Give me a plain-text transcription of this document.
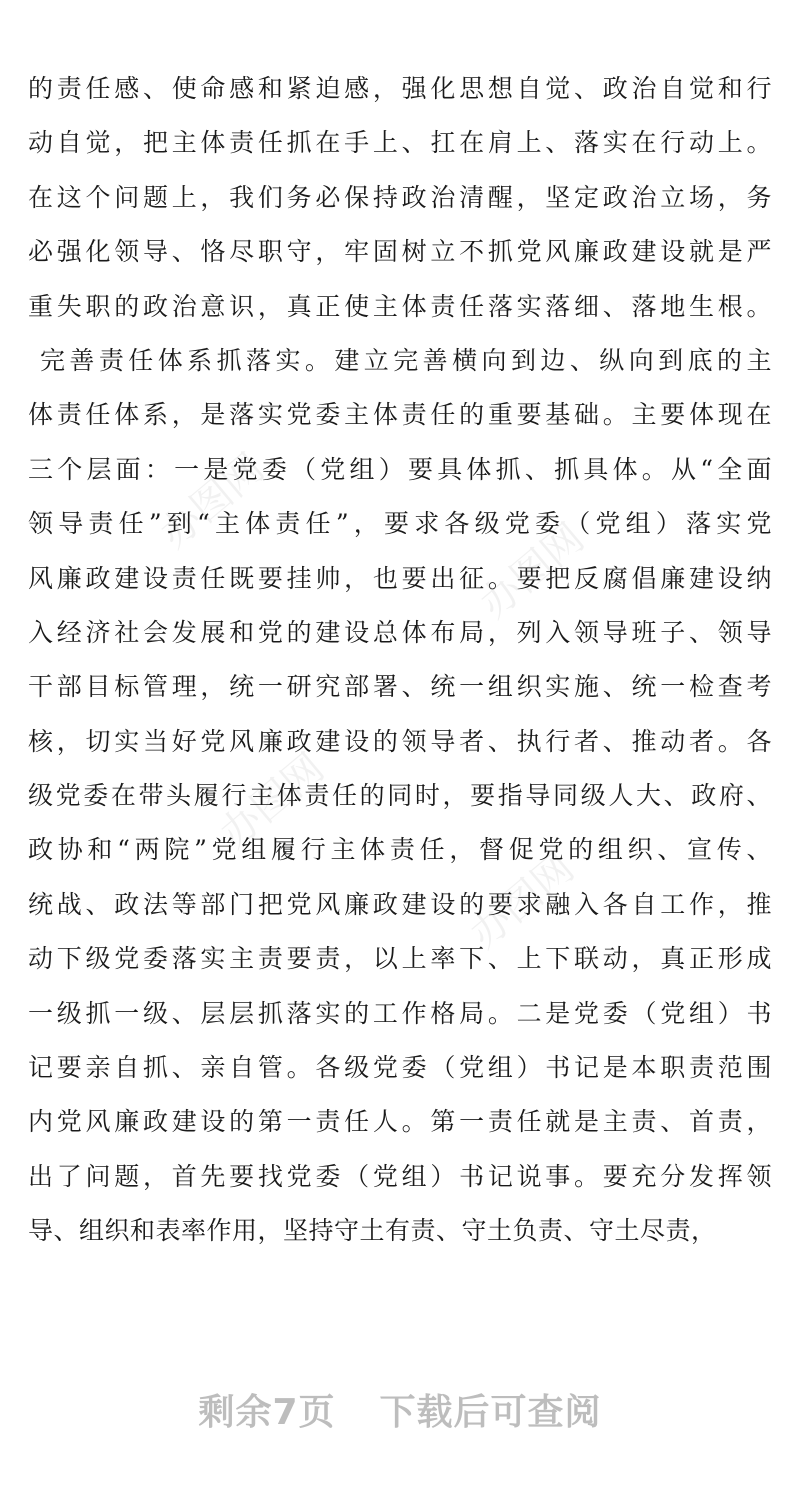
办图网
办图网
办图网
办图网
的责任感、使命感和紧迫感，强化思想自觉、政治自觉和行
动自觉，把主体责任抓在手上、扛在肩上、落实在行动上。
在这个问题上，我们务必保持政治清醒，坚定政治立场，务
必强化领导、恪尽职守，牢固树立不抓党风廉政建设就是严
重失职的政治意识，真正使主体责任落实落细、落地生根。
完善责任体系抓落实。建立完善横向到边、纵向到底的主
体责任体系，是落实党委主体责任的重要基础。主要体现在
三个层面：一是党委（党组）要具体抓、抓具体。从“全面
领导责任”到“主体责任”，要求各级党委（党组）落实党
风廉政建设责任既要挂帅，也要出征。要把反腐倡廉建设纳
入经济社会发展和党的建设总体布局，列入领导班子、领导
干部目标管理，统一研究部署、统一组织实施、统一检查考
核，切实当好党风廉政建设的领导者、执行者、推动者。各
级党委在带头履行主体责任的同时，要指导同级人大、政府、
政协和“两院”党组履行主体责任，督促党的组织、宣传、
统战、政法等部门把党风廉政建设的要求融入各自工作，推
动下级党委落实主责要责，以上率下、上下联动，真正形成
一级抓一级、层层抓落实的工作格局。二是党委（党组）书
记要亲自抓、亲自管。各级党委（党组）书记是本职责范围
内党风廉政建设的第一责任人。第一责任就是主责、首责，
出了问题，首先要找党委（党组）书记说事。要充分发挥领
导、组织和表率作用，坚持守土有责、守土负责、守土尽责，
剩余7页 下载后可查阅
